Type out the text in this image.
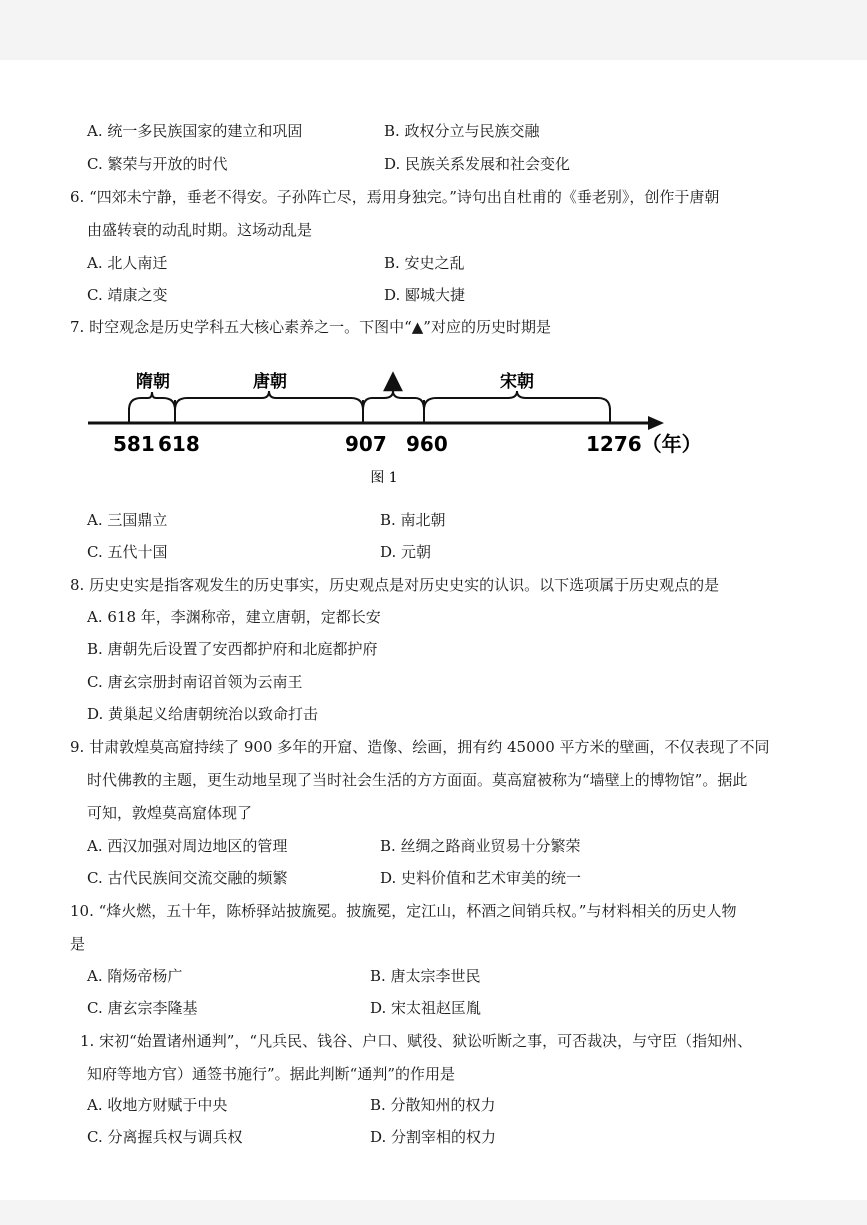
A. 统一多民族国家的建立和巩固	B. 政权分立与民族交融
C. 繁荣与开放的时代	D. 民族关系发展和社会变化
6. “四郊未宁静，垂老不得安。子孙阵亡尽，焉用身独完。”诗句出自杜甫的《垂老别》，创作于唐朝
由盛转衰的动乱时期。这场动乱是
A. 北人南迁	B. 安史之乱
C. 靖康之变	D. 郾城大捷
7. 时空观念是历史学科五大核心素养之一。下图中“▲”对应的历史时期是
隋朝	唐朝	宋朝
▲
581 618	907 960	1276（年）
图 1
A. 三国鼎立	B. 南北朝
C. 五代十国	D. 元朝
8. 历史史实是指客观发生的历史事实，历史观点是对历史史实的认识。以下选项属于历史观点的是
A. 618 年，李渊称帝，建立唐朝，定都长安
B. 唐朝先后设置了安西都护府和北庭都护府
C. 唐玄宗册封南诏首领为云南王
D. 黄巢起义给唐朝统治以致命打击
9. 甘肃敦煌莫高窟持续了 900 多年的开窟、造像、绘画，拥有约 45000 平方米的壁画，不仅表现了不同
时代佛教的主题，更生动地呈现了当时社会生活的方方面面。莫高窟被称为“墙壁上的博物馆”。据此
可知，敦煌莫高窟体现了
A. 西汉加强对周边地区的管理	B. 丝绸之路商业贸易十分繁荣
C. 古代民族间交流交融的频繁	D. 史料价值和艺术审美的统一
10. “烽火燃，五十年，陈桥驿站披旒冕。披旒冕，定江山，杯酒之间销兵权。”与材料相关的历史人物
是
A. 隋炀帝杨广	B. 唐太宗李世民
C. 唐玄宗李隆基	D. 宋太祖赵匡胤
1. 宋初“始置诸州通判”，“凡兵民、钱谷、户口、赋役、狱讼听断之事，可否裁决，与守臣（指知州、
知府等地方官）通签书施行”。据此判断“通判”的作用是
A. 收地方财赋于中央	B. 分散知州的权力
C. 分离握兵权与调兵权	D. 分割宰相的权力
